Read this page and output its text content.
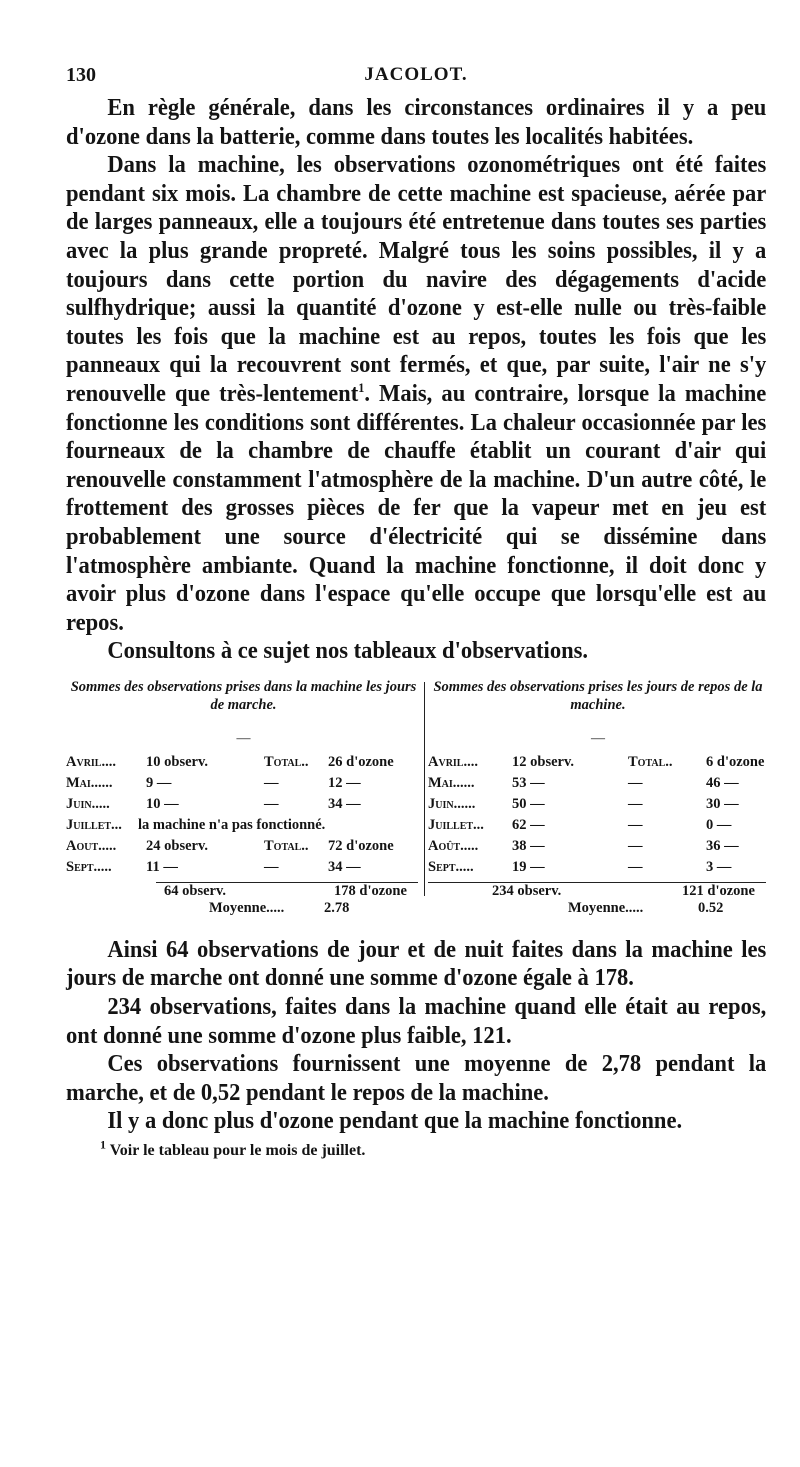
130	JACOLOT.

En règle générale, dans les circonstances ordinaires il y a peu d'ozone dans la batterie, comme dans toutes les localités habitées.

Dans la machine, les observations ozonométriques ont été faites pendant six mois. La chambre de cette machine est spacieuse, aérée par de larges panneaux, elle a toujours été entretenue dans toutes ses parties avec la plus grande propreté. Malgré tous les soins possibles, il y a toujours dans cette portion du navire des dégagements d'acide sulfhydrique; aussi la quantité d'ozone y est-elle nulle ou très-faible toutes les fois que la machine est au repos, toutes les fois que les panneaux qui la recouvrent sont fermés, et que, par suite, l'air ne s'y renouvelle que très-lentement$^1$. Mais, au contraire, lorsque la machine fonctionne les conditions sont différentes. La chaleur occasionnée par les fourneaux de la chambre de chauffe établit un courant d'air qui renouvelle constamment l'atmosphère de la machine. D'un autre côté, le frottement des grosses pièces de fer que la vapeur met en jeu est probablement une source d'électricité qui se dissémine dans l'atmosphère ambiante. Quand la machine fonctionne, il doit donc y avoir plus d'ozone dans l'espace qu'elle occupe que lorsqu'elle est au repos.

Consultons à ce sujet nos tableaux d'observations.

Sommes des observations prises dans la machine les jours de marche.
—
Avril.... 10 observ.	Total.. 26 d'ozone
Mai...... 9 —	—	12 —
Juin.....	10 —	—	34 —
Juillet... la machine n'a pas fonctionné.
Aout..... 24 observ.	Total.. 72 d'ozone
Sept..... 11 —	—	34 —
64 observ.	178 d'ozone
Moyenne.....	2.78
Sommes des observations prises les jours de repos de la machine.
—
Avril.... 12 observ.	Total.. 6 d'ozone
Mai......	53 —	—	46 —
Juin......	50 —	—	30 —
Juillet... 62 —	—	0 —
Août..... 38 —	—	36 —
Sept.....	19 —	—	3 —
234 observ.	121 d'ozone
Moyenne.....	0.52

Ainsi 64 observations de jour et de nuit faites dans la machine les jours de marche ont donné une somme d'ozone égale à 178.

234 observations, faites dans la machine quand elle était au repos, ont donné une somme d'ozone plus faible, 121.

Ces observations fournissent une moyenne de 2,78 pendant la marche, et de 0,52 pendant le repos de la machine.

Il y a donc plus d'ozone pendant que la machine fonctionne.

$^1$ Voir le tableau pour le mois de juillet.
